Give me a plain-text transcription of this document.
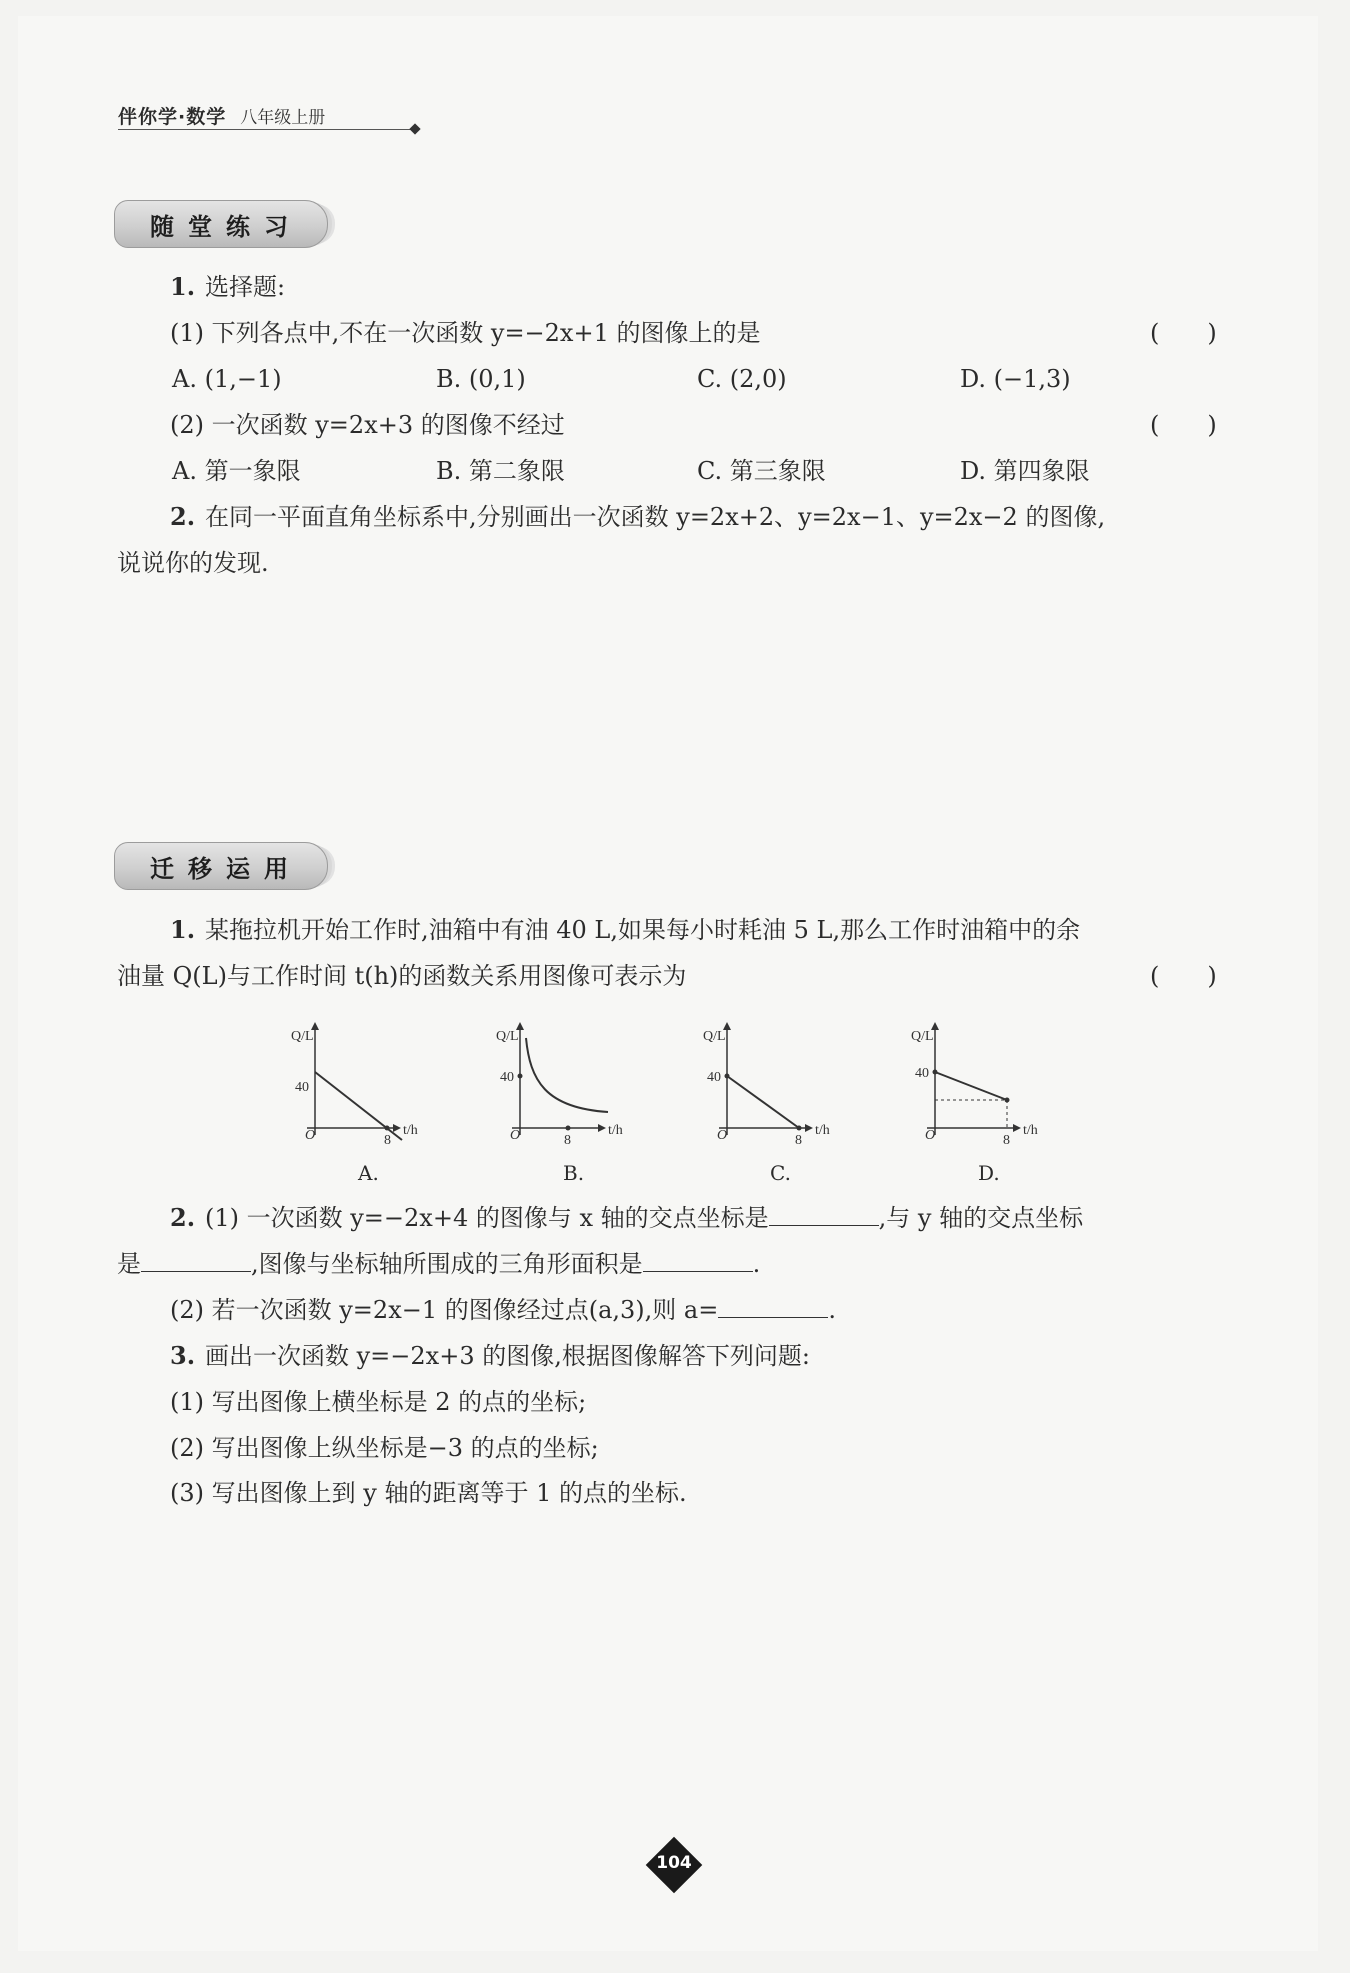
伴你学·数学 八年级上册
随堂练习
1. 选择题:
(1) 下列各点中,不在一次函数 y=−2x+1 的图像上的是	(　　)
A. (1,−1)	B. (0,1)	C. (2,0)	D. (−1,3)
(2) 一次函数 y=2x+3 的图像不经过	(　　)
A. 第一象限	B. 第二象限	C. 第三象限	D. 第四象限
2. 在同一平面直角坐标系中,分别画出一次函数 y=2x+2、y=2x−1、y=2x−2 的图像,
说说你的发现.
迁移运用
1. 某拖拉机开始工作时,油箱中有油 40 L,如果每小时耗油 5 L,那么工作时油箱中的余
油量 Q(L)与工作时间 t(h)的函数关系用图像可表示为	(　　)
Q/L
40
O	8
t/h
A.
Q/L
40
O	8
t/h
B.
Q/L
40
O	8
t/h
C.
Q/L
40
O	8
t/h
D.
2. (1) 一次函数 y=−2x+4 的图像与 x 轴的交点坐标是	,与 y 轴的交点坐标
是	,图像与坐标轴所围成的三角形面积是	.
(2) 若一次函数 y=2x−1 的图像经过点(a,3),则 a=	.
3. 画出一次函数 y=−2x+3 的图像,根据图像解答下列问题:
(1) 写出图像上横坐标是 2 的点的坐标;
(2) 写出图像上纵坐标是−3 的点的坐标;
(3) 写出图像上到 y 轴的距离等于 1 的点的坐标.
104
